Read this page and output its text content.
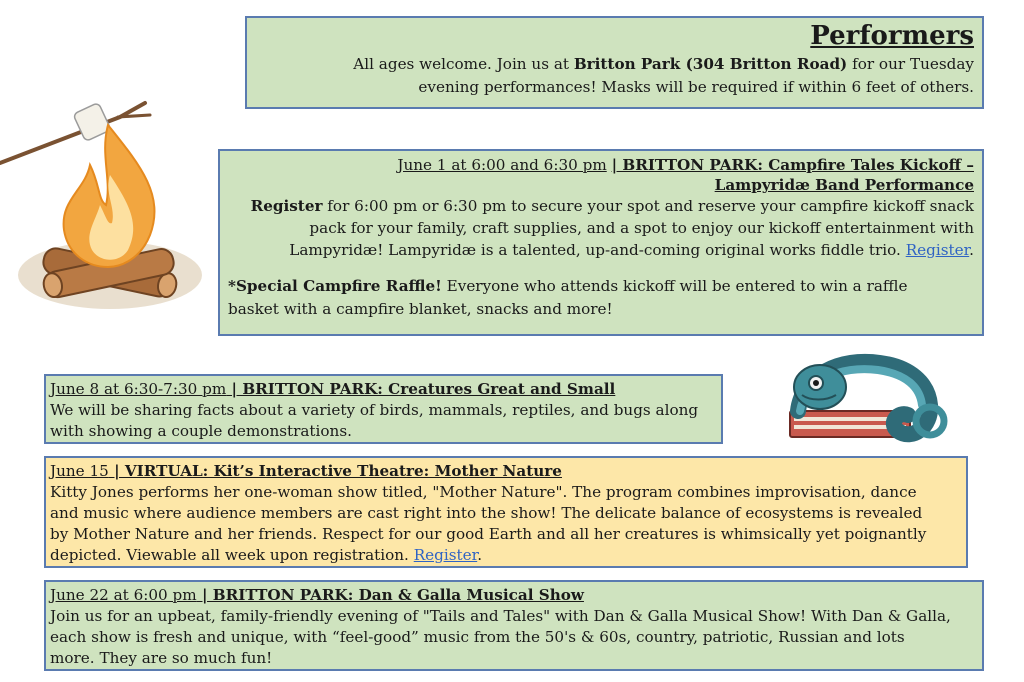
Performers
All ages welcome. Join us at Britton Park (304 Britton Road) for our Tuesday
evening performances! Masks will be required if within 6 feet of others.
June 1 at 6:00 and 6:30 pm | BRITTON PARK: Campfire Tales Kickoff –
Lampyridæ Band Performance
Register for 6:00 pm or 6:30 pm to secure your spot and reserve your campfire kickoff snack
pack for your family, craft supplies, and a spot to enjoy our kickoff entertainment with
Lampyridæ! Lampyridæ is a talented, up-and-coming original works fiddle trio. Register.
*Special Campfire Raffle! Everyone who attends kickoff will be entered to win a raffle
basket with a campfire blanket, snacks and more!
June 8 at 6:30-7:30 pm | BRITTON PARK: Creatures Great and Small
We will be sharing facts about a variety of birds, mammals, reptiles, and bugs along
with showing a couple demonstrations.
June 15 | VIRTUAL: Kit’s Interactive Theatre: Mother Nature
Kitty Jones performs her one-woman show titled, "Mother Nature". The program combines improvisation, dance
and music where audience members are cast right into the show! The delicate balance of ecosystems is revealed
by Mother Nature and her friends. Respect for our good Earth and all her creatures is whimsically yet poignantly
depicted. Viewable all week upon registration. Register.
June 22 at 6:00 pm | BRITTON PARK: Dan & Galla Musical Show
Join us for an upbeat, family-friendly evening of "Tails and Tales" with Dan & Galla Musical Show! With Dan & Galla,
each show is fresh and unique, with “feel-good” music from the 50's & 60s, country, patriotic, Russian and lots
more. They are so much fun!
